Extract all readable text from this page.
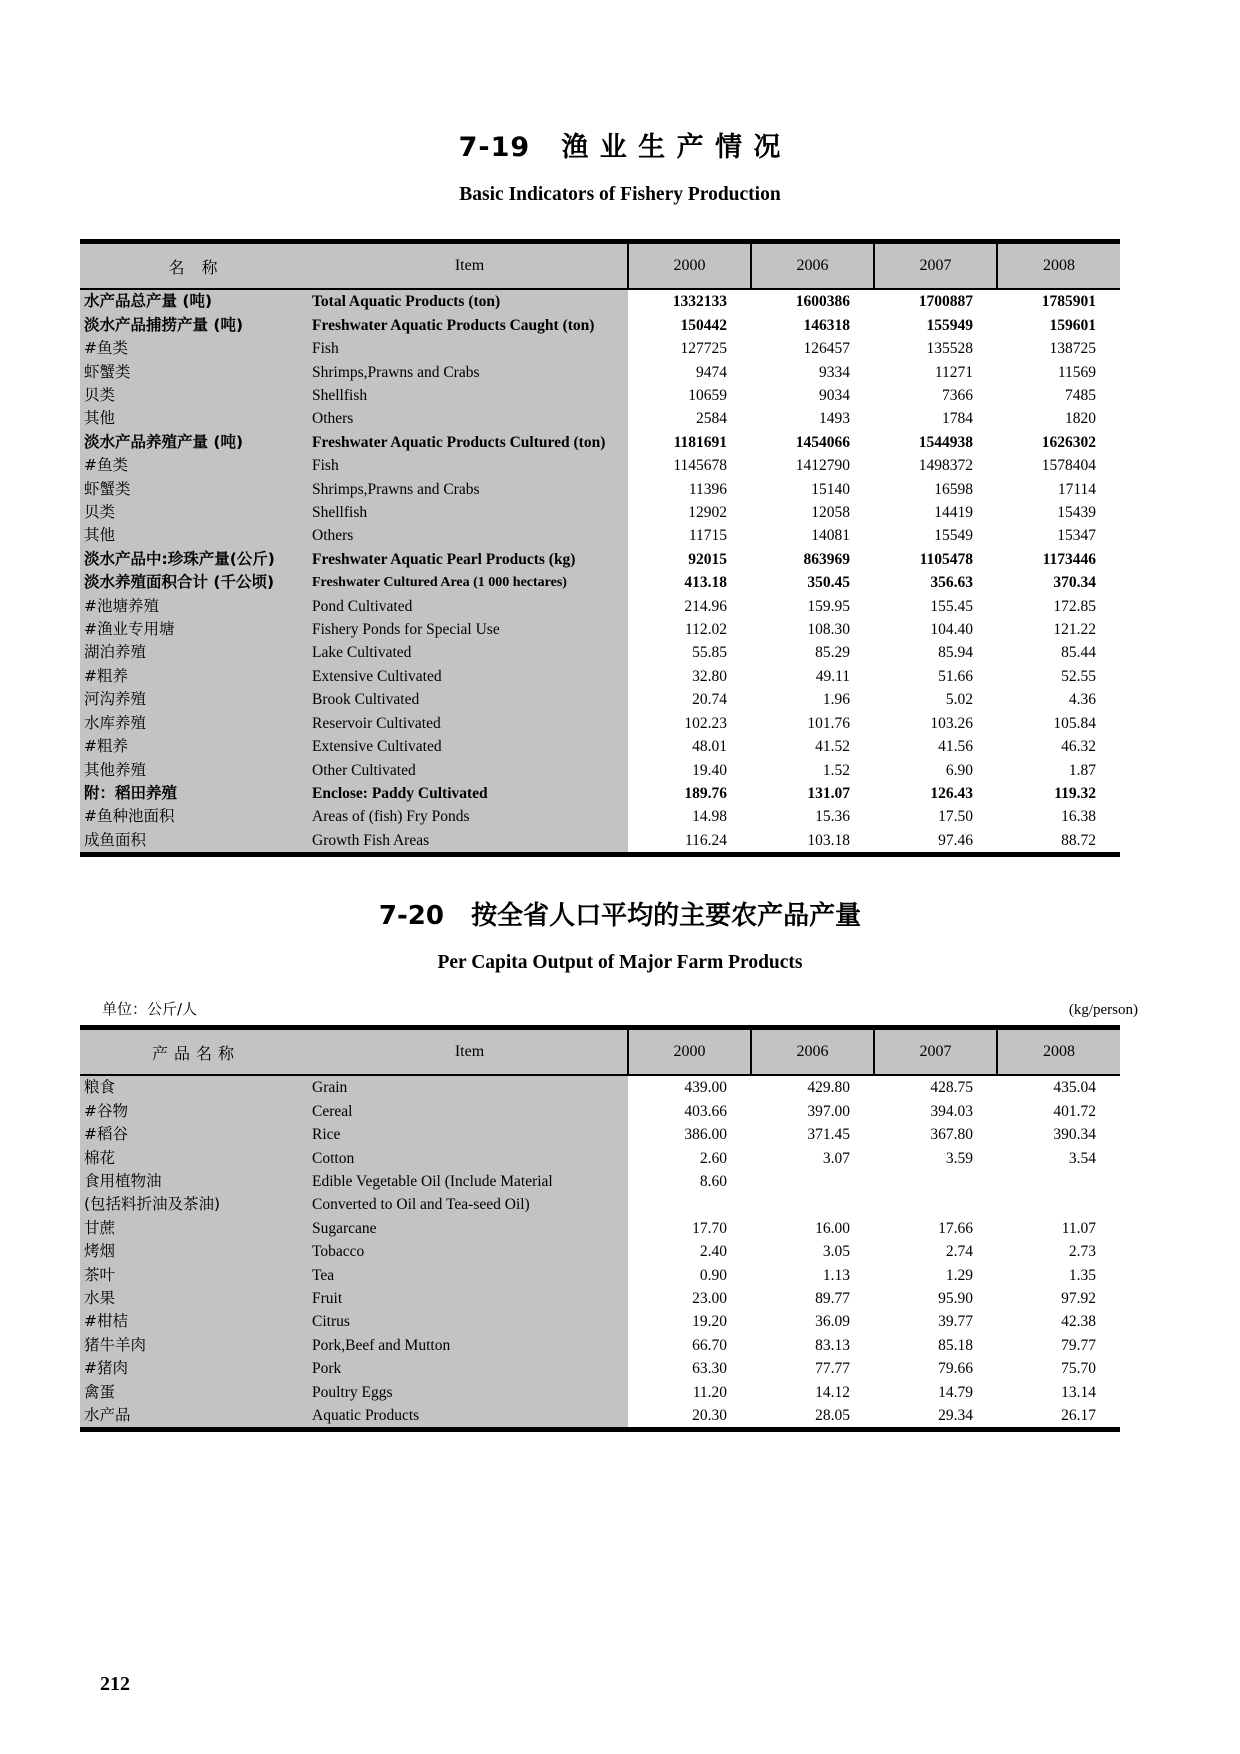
7-19   渔 业 生 产 情 况
Basic Indicators of Fishery Production
名 称	Item	2000	2006	2007	2008
水产品总产量 (吨)	Total Aquatic Products (ton)	1332133	1600386	1700887	1785901
淡水产品捕捞产量 (吨)	Freshwater Aquatic Products Caught (ton)	150442	146318	155949	159601
#鱼类	Fish	127725	126457	135528	138725
虾蟹类	Shrimps,Prawns and Crabs	9474	9334	11271	11569
贝类	Shellfish	10659	9034	7366	7485
其他	Others	2584	1493	1784	1820
淡水产品养殖产量 (吨)	Freshwater Aquatic Products Cultured (ton)	1181691	1454066	1544938	1626302
#鱼类	Fish	1145678	1412790	1498372	1578404
虾蟹类	Shrimps,Prawns and Crabs	11396	15140	16598	17114
贝类	Shellfish	12902	12058	14419	15439
其他	Others	11715	14081	15549	15347
淡水产品中:珍珠产量(公斤)	Freshwater Aquatic Pearl Products (kg)	92015	863969	1105478	1173446
淡水养殖面积合计 (千公顷)	Freshwater Cultured Area (1 000 hectares)	413.18	350.45	356.63	370.34
#池塘养殖	Pond Cultivated	214.96	159.95	155.45	172.85
#渔业专用塘	Fishery Ponds for Special Use	112.02	108.30	104.40	121.22
湖泊养殖	Lake Cultivated	55.85	85.29	85.94	85.44
#粗养	Extensive Cultivated	32.80	49.11	51.66	52.55
河沟养殖	Brook Cultivated	20.74	1.96	5.02	4.36
水库养殖	Reservoir Cultivated	102.23	101.76	103.26	105.84
#粗养	Extensive Cultivated	48.01	41.52	41.56	46.32
其他养殖	Other Cultivated	19.40	1.52	6.90	1.87
附：稻田养殖	Enclose: Paddy Cultivated	189.76	131.07	126.43	119.32
#鱼种池面积	Areas of (fish) Fry Ponds	14.98	15.36	17.50	16.38
成鱼面积	Growth Fish Areas	116.24	103.18	97.46	88.72
7-20   按全省人口平均的主要农产品产量
Per Capita Output of Major Farm Products
单位：公斤/人	(kg/person)
产品名称	Item	2000	2006	2007	2008
粮食	Grain	439.00	429.80	428.75	435.04
#谷物	Cereal	403.66	397.00	394.03	401.72
#稻谷	Rice	386.00	371.45	367.80	390.34
棉花	Cotton	2.60	3.07	3.59	3.54
食用植物油	Edible Vegetable Oil (Include Material	8.60			
(包括料折油及茶油)	Converted to Oil and Tea-seed Oil)				
甘蔗	Sugarcane	17.70	16.00	17.66	11.07
烤烟	Tobacco	2.40	3.05	2.74	2.73
茶叶	Tea	0.90	1.13	1.29	1.35
水果	Fruit	23.00	89.77	95.90	97.92
#柑桔	Citrus	19.20	36.09	39.77	42.38
猪牛羊肉	Pork,Beef and Mutton	66.70	83.13	85.18	79.77
#猪肉	Pork	63.30	77.77	79.66	75.70
禽蛋	Poultry Eggs	11.20	14.12	14.79	13.14
水产品	Aquatic Products	20.30	28.05	29.34	26.17
212
